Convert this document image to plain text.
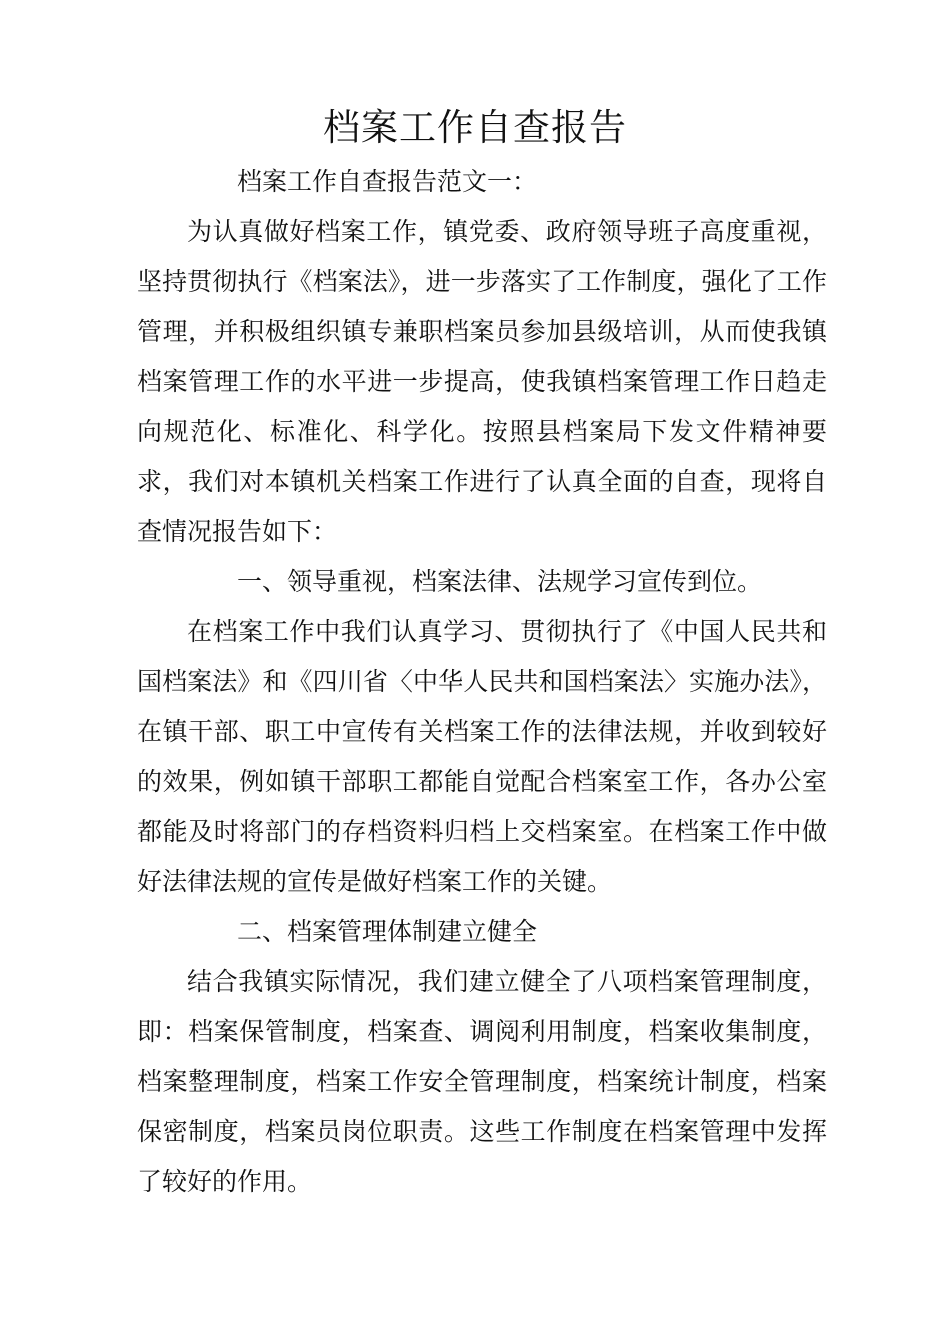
档案工作自查报告

档案工作自查报告范文一：

为认真做好档案工作，镇党委、政府领导班子高度重视，坚持贯彻执行《档案法》，进一步落实了工作制度，强化了工作管理，并积极组织镇专兼职档案员参加县级培训，从而使我镇档案管理工作的水平进一步提高，使我镇档案管理工作日趋走向规范化、标准化、科学化。按照县档案局下发文件精神要求，我们对本镇机关档案工作进行了认真全面的自查，现将自查情况报告如下：

一、领导重视，档案法律、法规学习宣传到位。

在档案工作中我们认真学习、贯彻执行了《中国人民共和国档案法》和《四川省〈中华人民共和国档案法〉实施办法》，在镇干部、职工中宣传有关档案工作的法律法规，并收到较好的效果，例如镇干部职工都能自觉配合档案室工作，各办公室都能及时将部门的存档资料归档上交档案室。在档案工作中做好法律法规的宣传是做好档案工作的关键。

二、档案管理体制建立健全

结合我镇实际情况，我们建立健全了八项档案管理制度，即：档案保管制度，档案查、调阅利用制度，档案收集制度，档案整理制度，档案工作安全管理制度，档案统计制度，档案保密制度，档案员岗位职责。这些工作制度在档案管理中发挥了较好的作用。
